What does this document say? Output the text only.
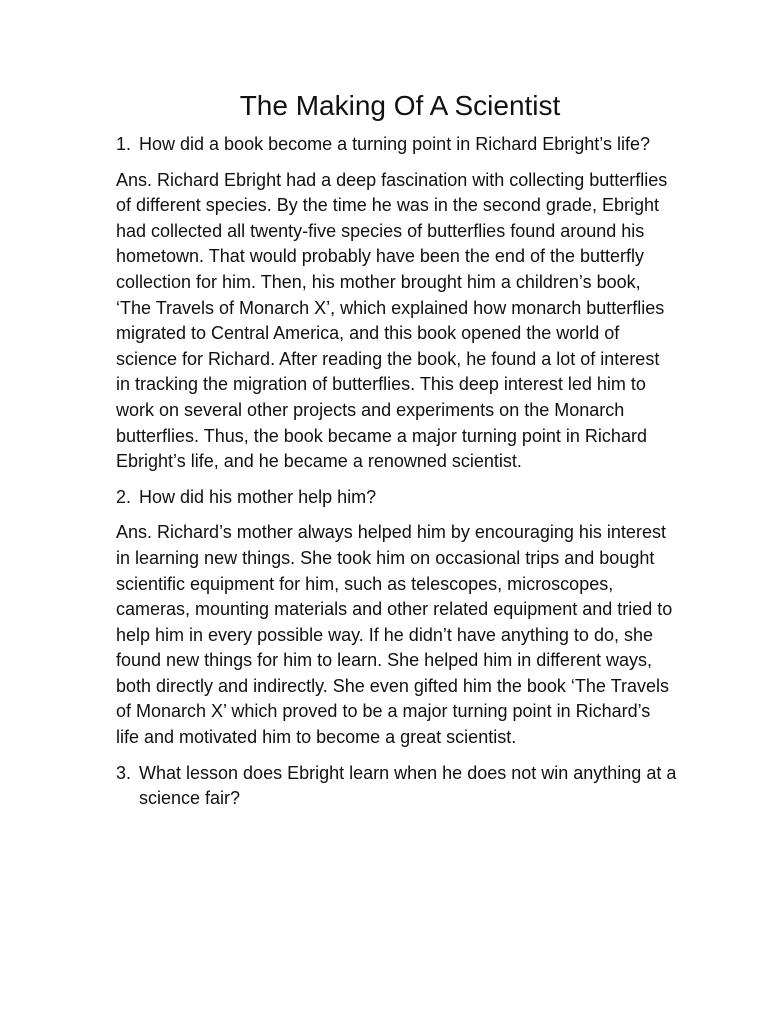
The Making Of A Scientist
1. How did a book become a turning point in Richard Ebright’s life?

Ans. Richard Ebright had a deep fascination with collecting butterflies of different species. By the time he was in the second grade, Ebright had collected all twenty-five species of butterflies found around his hometown. That would probably have been the end of the butterfly collection for him. Then, his mother brought him a children’s book, ‘The Travels of Monarch X’, which explained how monarch butterflies migrated to Central America, and this book opened the world of science for Richard. After reading the book, he found a lot of interest in tracking the migration of butterflies. This deep interest led him to work on several other projects and experiments on the Monarch butterflies. Thus, the book became a major turning point in Richard Ebright’s life, and he became a renowned scientist.

2. How did his mother help him?

Ans. Richard’s mother always helped him by encouraging his interest in learning new things. She took him on occasional trips and bought scientific equipment for him, such as telescopes, microscopes, cameras, mounting materials and other related equipment and tried to help him in every possible way. If he didn’t have anything to do, she found new things for him to learn. She helped him in different ways, both directly and indirectly. She even gifted him the book ‘The Travels of Monarch X’ which proved to be a major turning point in Richard’s life and motivated him to become a great scientist.

3. What lesson does Ebright learn when he does not win anything at a science fair?
